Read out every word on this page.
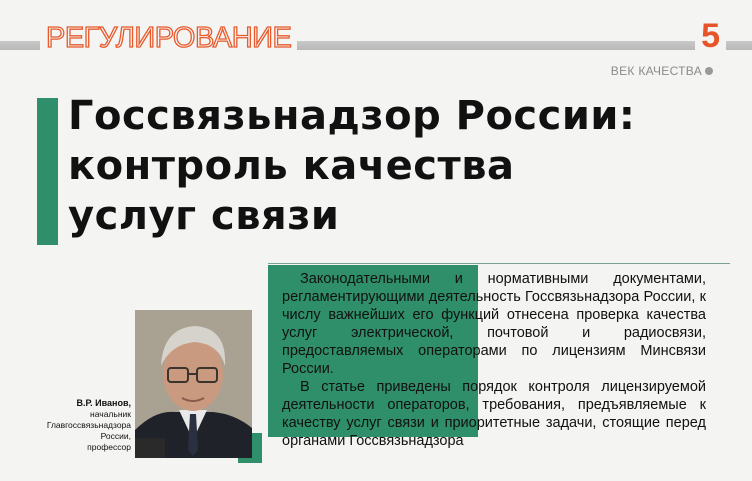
РЕГУЛИРОВАНИЕ	5
ВЕК КАЧЕСТВА
Госсвязьнадзор России:
контроль качества
услуг связи

Законодательными и нормативными документами, регламентирующими деятельность Госсвязьнадзора России, к числу важнейших его функций отнесена проверка качества услуг электрической, почтовой и радиосвязи, предоставляемых операторами по лицензиям Минсвязи России.

В статье приведены порядок контроля лицензируемой деятельности операторов, требования, предъявляемые к качеству услуг связи и приоритетные задачи, стоящие перед органами Госсвязьнадзора

В.Р. Иванов,
начальник
Главгоссвязьнадзора
России,
профессор
